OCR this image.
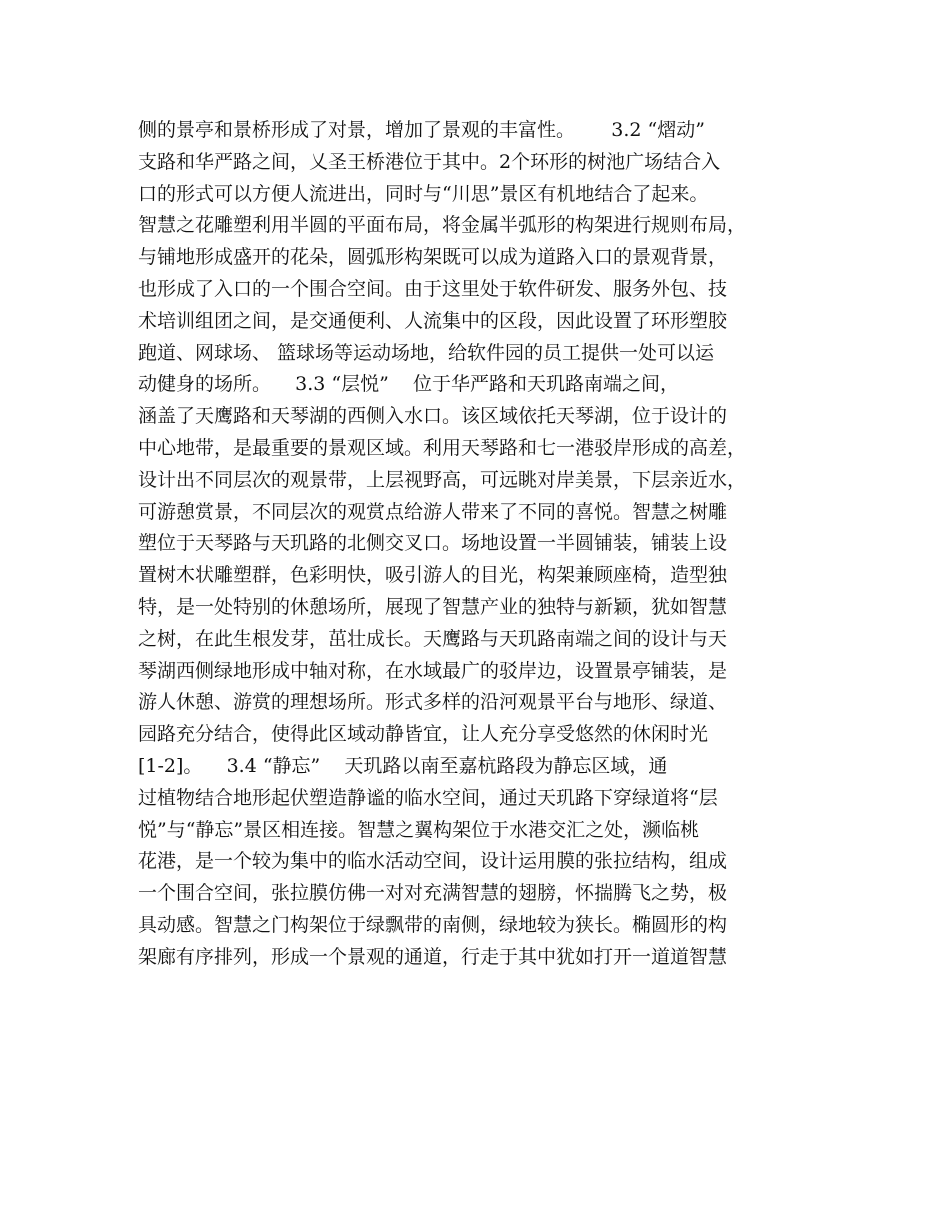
侧的景亭和景桥形成了对景，增加了景观的丰富性。      3.2 “熠动”
支路和华严路之间，乂圣王桥港位于其中。2个环形的树池广场结合入
口的形式可以方便人流进出，同时与“川思”景区有机地结合了起来。
智慧之花雕塑利用半圆的平面布局，将金属半弧形的构架进行规则布局，
与铺地形成盛开的花朵，圆弧形构架既可以成为道路入口的景观背景，
也形成了入口的一个围合空间。由于这里处于软件研发、服务外包、技
术培训组团之间，是交通便利、人流集中的区段，因此设置了环形塑胶
跑道、网球场、 篮球场等运动场地，给软件园的员工提供一处可以运
动健身的场所。    3.3 “层悦”    位于华严路和天玑路南端之间，
涵盖了天鹰路和天琴湖的西侧入水口。该区域依托天琴湖，位于设计的
中心地带，是最重要的景观区域。利用天琴路和七一港驳岸形成的高差，
设计出不同层次的观景带，上层视野高，可远眺对岸美景，下层亲近水，
可游憩赏景，不同层次的观赏点给游人带来了不同的喜悦。智慧之树雕
塑位于天琴路与天玑路的北侧交叉口。场地设置一半圆铺装，铺装上设
置树木状雕塑群，色彩明快，吸引游人的目光，构架兼顾座椅，造型独
特，是一处特别的休憩场所，展现了智慧产业的独特与新颖，犹如智慧
之树，在此生根发芽，茁壮成长。天鹰路与天玑路南端之间的设计与天
琴湖西侧绿地形成中轴对称，在水域最广的驳岸边，设置景亭铺装，是
游人休憩、游赏的理想场所。形式多样的沿河观景平台与地形、绿道、
园路充分结合，使得此区域动静皆宜，让人充分享受悠然的休闲时光
[1-2]。    3.4 “静忘”    天玑路以南至嘉杭路段为静忘区域，通
过植物结合地形起伏塑造静谧的临水空间，通过天玑路下穿绿道将“层
悦”与“静忘”景区相连接。智慧之翼构架位于水港交汇之处，濒临桃
花港，是一个较为集中的临水活动空间，设计运用膜的张拉结构，组成
一个围合空间，张拉膜仿佛一对对充满智慧的翅膀，怀揣腾飞之势，极
具动感。智慧之门构架位于绿飘带的南侧，绿地较为狭长。椭圆形的构
架廊有序排列，形成一个景观的通道，行走于其中犹如打开一道道智慧
